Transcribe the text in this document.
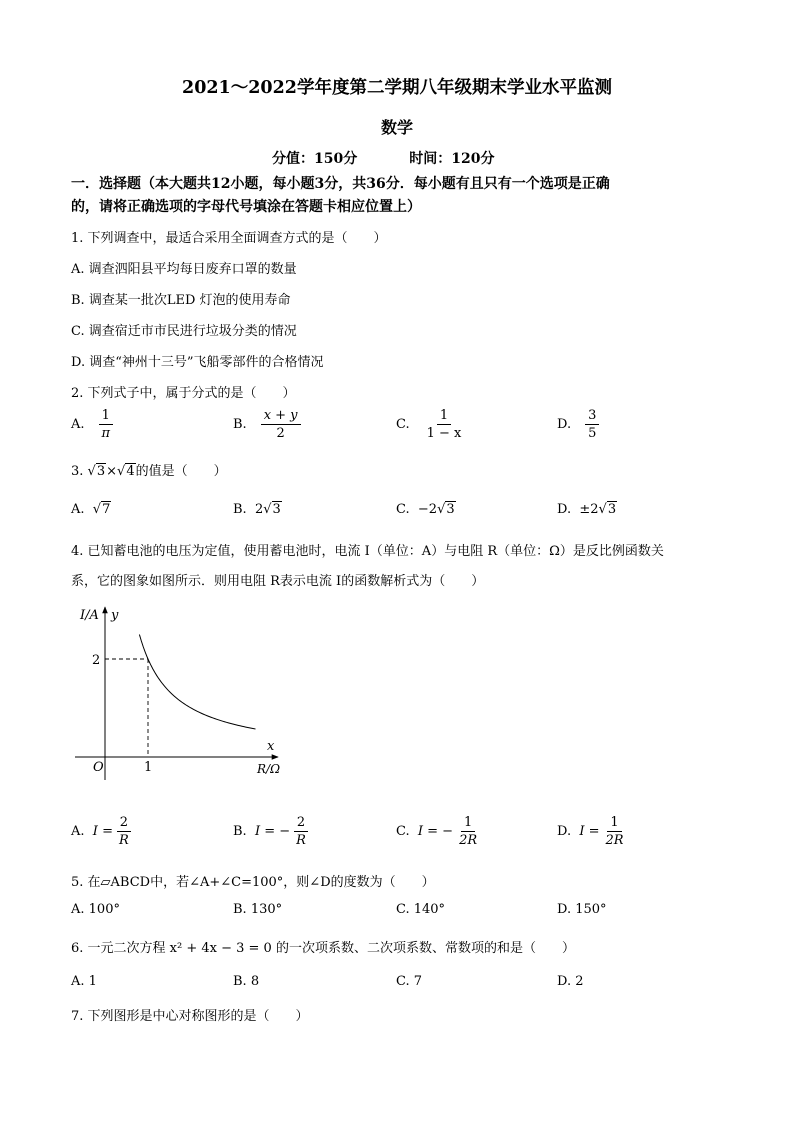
2021～2022学年度第二学期八年级期末学业水平监测
数学
分值：150分	时间：120分
一．选择题（本大题共12小题，每小题3分，共36分．每小题有且只有一个选项是正确
的，请将正确选项的字母代号填涂在答题卡相应位置上）
1. 下列调查中，最适合采用全面调查方式的是（　　）
A. 调查泗阳县平均每日废弃口罩的数量
B. 调查某一批次LED 灯泡的使用寿命
C. 调查宿迁市市民进行垃圾分类的情况
D. 调查“神州十三号”飞船零部件的合格情况
2. 下列式子中，属于分式的是（　　）
A. $\frac{1}{\pi}$	B. $\frac{x + y}{2}$	C. $\frac{1}{1 - x}$	D. $\frac{3}{5}$
3. √3×√4的值是（　　）
A. √7	B. 2√3	C. −2√3	D. ±2√3
4. 已知蓄电池的电压为定值，使用蓄电池时，电流 I（单位：A）与电阻 R（单位：Ω）是反比例函数关
系，它的图象如图所示．则用电阻 R表示电流 I的函数解析式为（　　）
I/A y
x
R/Ω
O
2
1
A. $I = \frac{2}{R}$	B. I = − $\frac{2}{R}$	C. I = − $\frac{1}{2R}$	D. $I = \frac{1}{2R}$
5. 在▱ABCD中，若∠A+∠C=100°，则∠D的度数为（　　）
A. 100°	B. 130°	C. 140°	D. 150°
6. 一元二次方程 x² + 4x − 3 = 0 的一次项系数、二次项系数、常数项的和是（　　）
A. 1	B. 8	C. 7	D. 2
7. 下列图形是中心对称图形的是（　　）
